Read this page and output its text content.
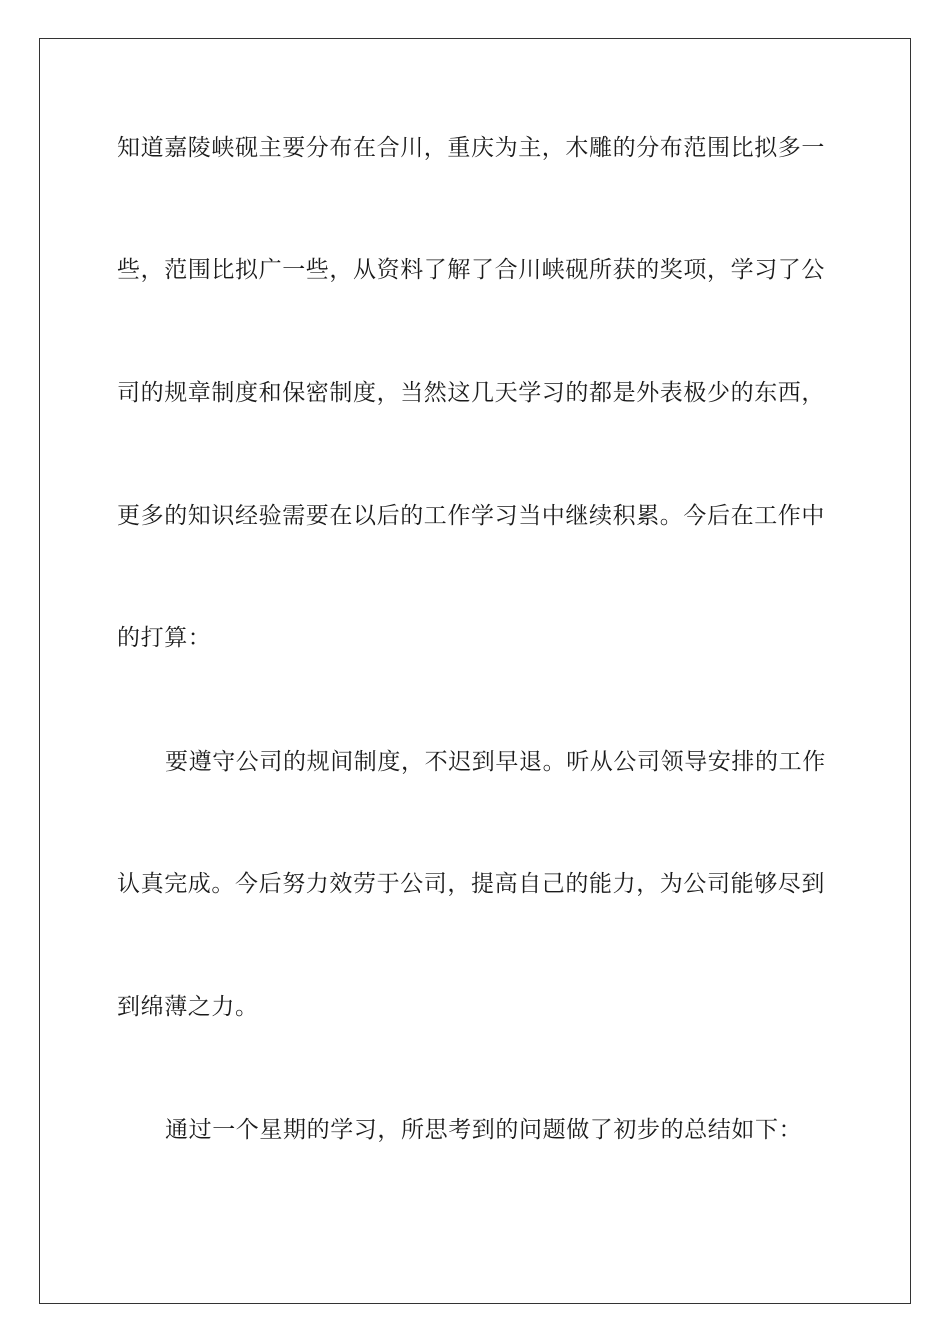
知道嘉陵峡砚主要分布在合川，重庆为主，木雕的分布范围比拟多一
些，范围比拟广一些，从资料了解了合川峡砚所获的奖项，学习了公
司的规章制度和保密制度，当然这几天学习的都是外表极少的东西，
更多的知识经验需要在以后的工作学习当中继续积累。今后在工作中
的打算：
要遵守公司的规间制度，不迟到早退。听从公司领导安排的工作
认真完成。今后努力效劳于公司，提高自己的能力，为公司能够尽到
到绵薄之力。
通过一个星期的学习，所思考到的问题做了初步的总结如下：
